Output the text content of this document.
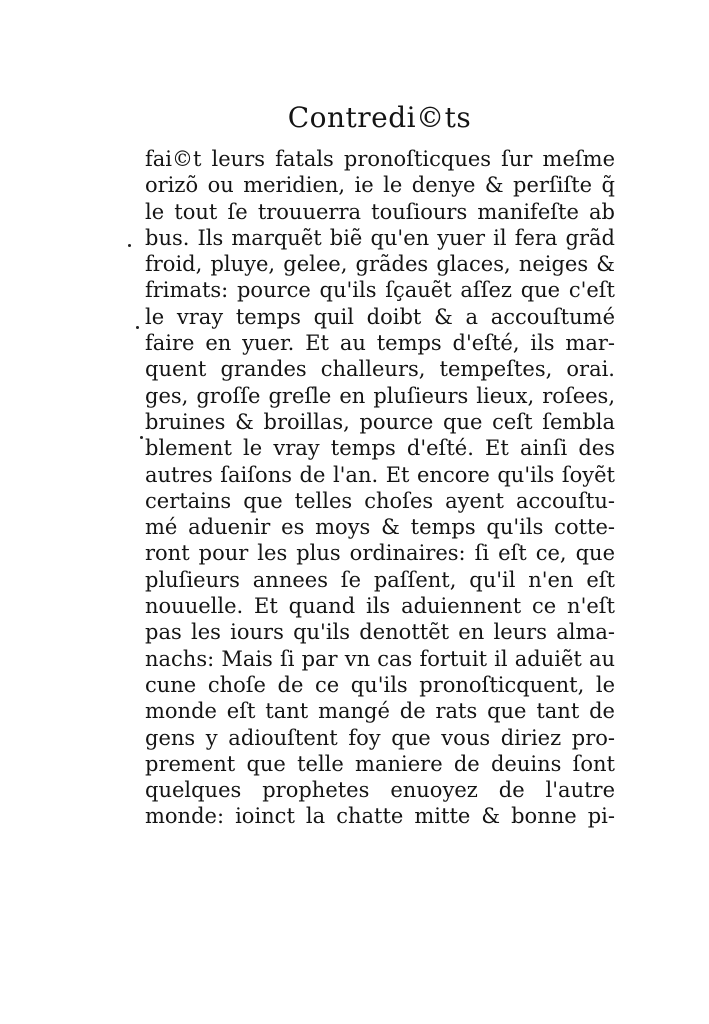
Contredi©ts
fai©t leurs fatals pronoſticques ſur meſme
orizõ ou meridien, ie le denye & perſiſte q̃
le tout ſe trouuerra touſiours manifeſte ab
bus. Ils marquẽt biẽ qu'en yuer il fera grãd
froid, pluye, gelee, grãdes glaces, neiges &
frimats: pource qu'ils ſçauẽt aſſez que c'eſt
le vray temps quil doibt & a accouſtumé
faire en yuer. Et au temps d'eſté, ils mar-
quent grandes challeurs, tempeſtes, orai.
ges, groſſe greſle en pluſieurs lieux, roſees,
bruines & broillas, pource que ceſt ſembla
blement le vray temps d'eſté. Et ainſi des
autres ſaiſons de l'an. Et encore qu'ils ſoyẽt
certains que telles choſes ayent accouſtu-
mé aduenir es moys & temps qu'ils cotte-
ront pour les plus ordinaires: ſi eſt ce, que
pluſieurs annees ſe paſſent, qu'il n'en eſt
nouuelle. Et quand ils aduiennent ce n'eſt
pas les iours qu'ils denottẽt en leurs alma-
nachs: Mais ſi par vn cas fortuit il aduiẽt au
cune choſe de ce qu'ils pronoſticquent, le
monde eſt tant mangé de rats que tant de
gens y adiouſtent foy que vous diriez pro-
prement que telle maniere de deuins ſont
quelques prophetes enuoyez de l'autre
monde: ioinct la chatte mitte & bonne pi-
